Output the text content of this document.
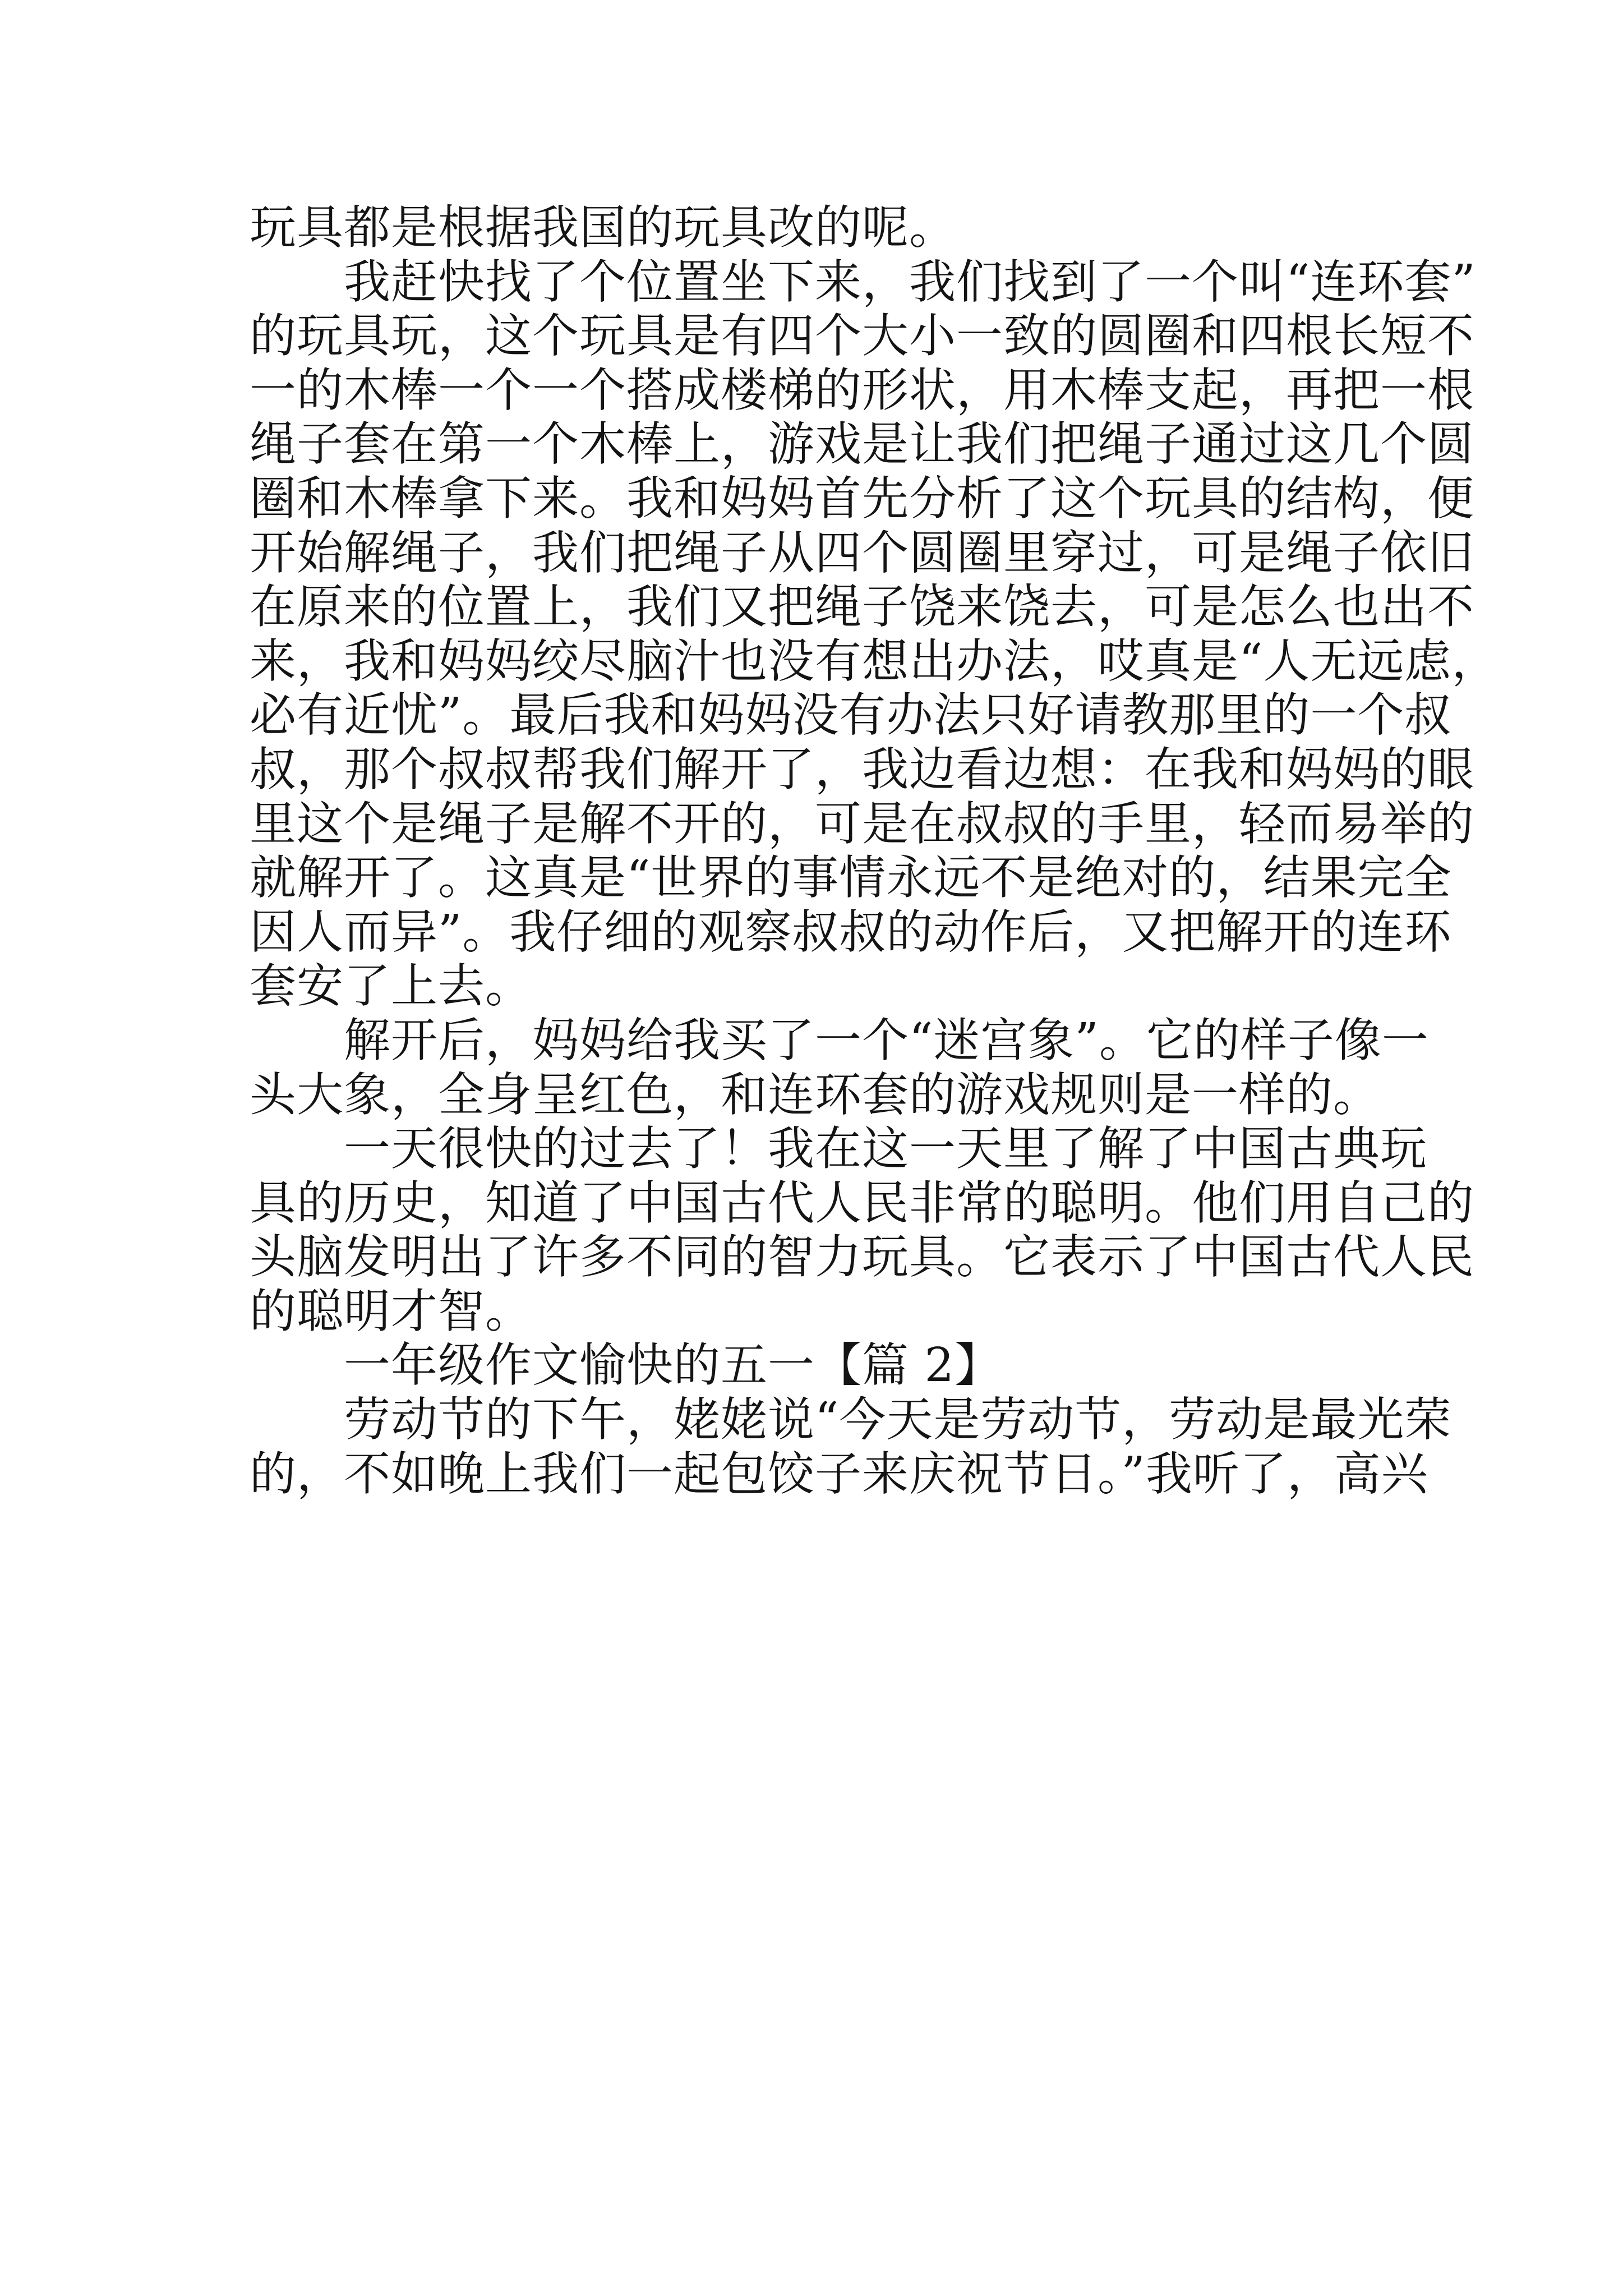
玩具都是根据我国的玩具改的呢。
我赶快找了个位置坐下来，我们找到了一个叫“连环套”
的玩具玩，这个玩具是有四个大小一致的圆圈和四根长短不
一的木棒一个一个搭成楼梯的形状，用木棒支起，再把一根
绳子套在第一个木棒上，游戏是让我们把绳子通过这几个圆
圈和木棒拿下来。我和妈妈首先分析了这个玩具的结构，便
开始解绳子，我们把绳子从四个圆圈里穿过，可是绳子依旧
在原来的位置上，我们又把绳子饶来饶去，可是怎么也出不
来，我和妈妈绞尽脑汁也没有想出办法，哎真是“人无远虑，
必有近忧”。最后我和妈妈没有办法只好请教那里的一个叔
叔，那个叔叔帮我们解开了，我边看边想：在我和妈妈的眼
里这个是绳子是解不开的，可是在叔叔的手里，轻而易举的
就解开了。这真是“世界的事情永远不是绝对的，结果完全
因人而异”。我仔细的观察叔叔的动作后，又把解开的连环
套安了上去。
解开后，妈妈给我买了一个“迷宫象”。它的样子像一
头大象，全身呈红色，和连环套的游戏规则是一样的。
一天很快的过去了！我在这一天里了解了中国古典玩
具的历史，知道了中国古代人民非常的聪明。他们用自己的
头脑发明出了许多不同的智力玩具。它表示了中国古代人民
的聪明才智。
一年级作文愉快的五一【篇 2】
劳动节的下午，姥姥说“今天是劳动节，劳动是最光荣
的，不如晚上我们一起包饺子来庆祝节日。”我听了，高兴
